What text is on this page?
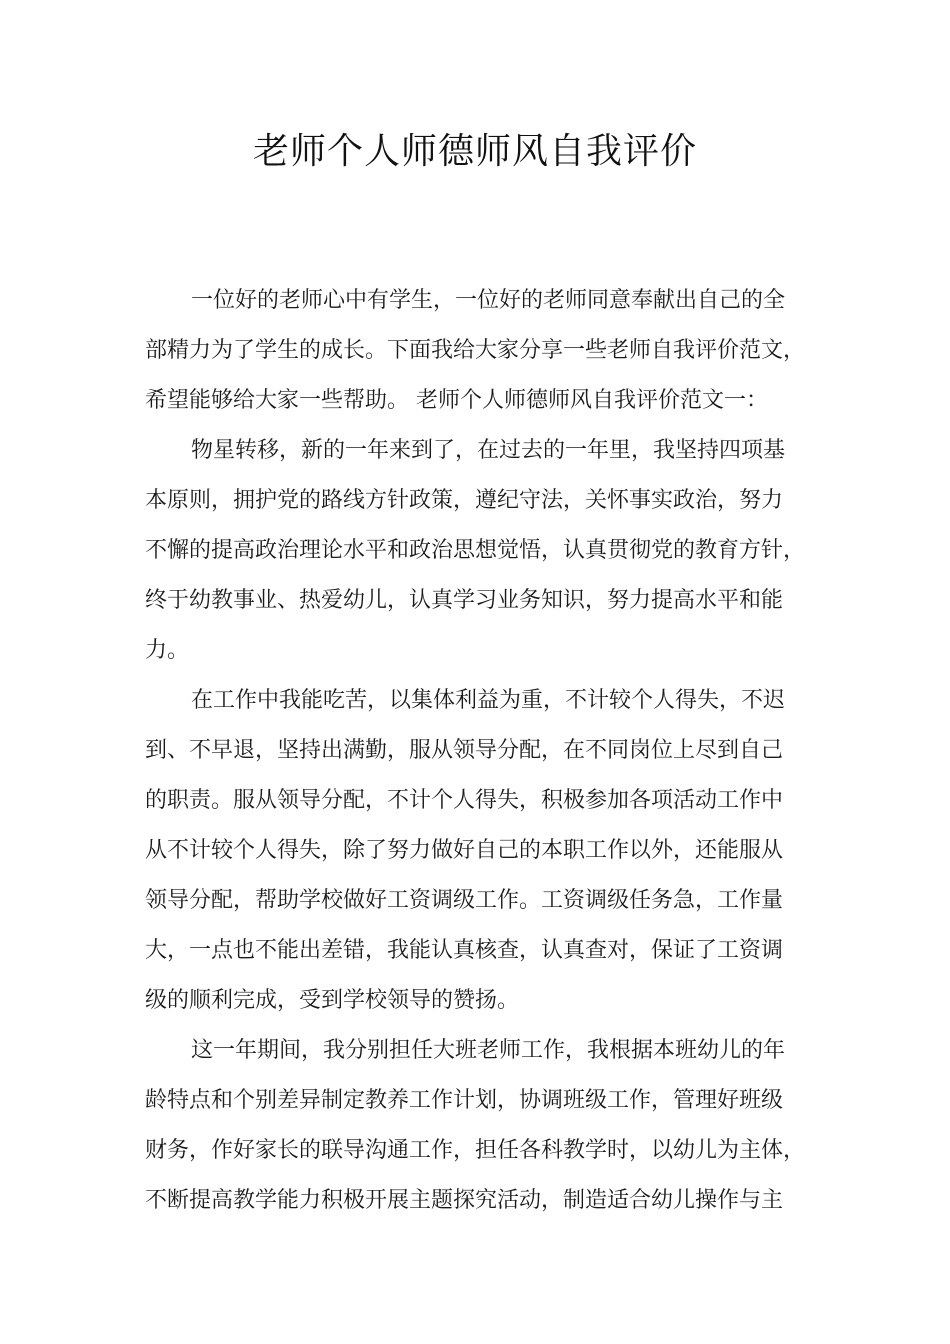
老师个人师德师风自我评价
一位好的老师心中有学生，一位好的老师同意奉献出自己的全
部精力为了学生的成长。下面我给大家分享一些老师自我评价范文，
希望能够给大家一些帮助。 老师个人师德师风自我评价范文一：
物星转移，新的一年来到了，在过去的一年里，我坚持四项基
本原则，拥护党的路线方针政策，遵纪守法，关怀事实政治，努力
不懈的提高政治理论水平和政治思想觉悟，认真贯彻党的教育方针，
终于幼教事业、热爱幼儿，认真学习业务知识，努力提高水平和能
力。
在工作中我能吃苦，以集体利益为重，不计较个人得失，不迟
到、不早退，坚持出满勤，服从领导分配，在不同岗位上尽到自己
的职责。服从领导分配，不计个人得失，积极参加各项活动工作中
从不计较个人得失，除了努力做好自己的本职工作以外，还能服从
领导分配，帮助学校做好工资调级工作。工资调级任务急，工作量
大，一点也不能出差错，我能认真核查，认真查对，保证了工资调
级的顺利完成，受到学校领导的赞扬。
这一年期间，我分别担任大班老师工作，我根据本班幼儿的年
龄特点和个别差异制定教养工作计划，协调班级工作，管理好班级
财务，作好家长的联导沟通工作，担任各科教学时，以幼儿为主体，
不断提高教学能力积极开展主题探究活动，制造适合幼儿操作与主
